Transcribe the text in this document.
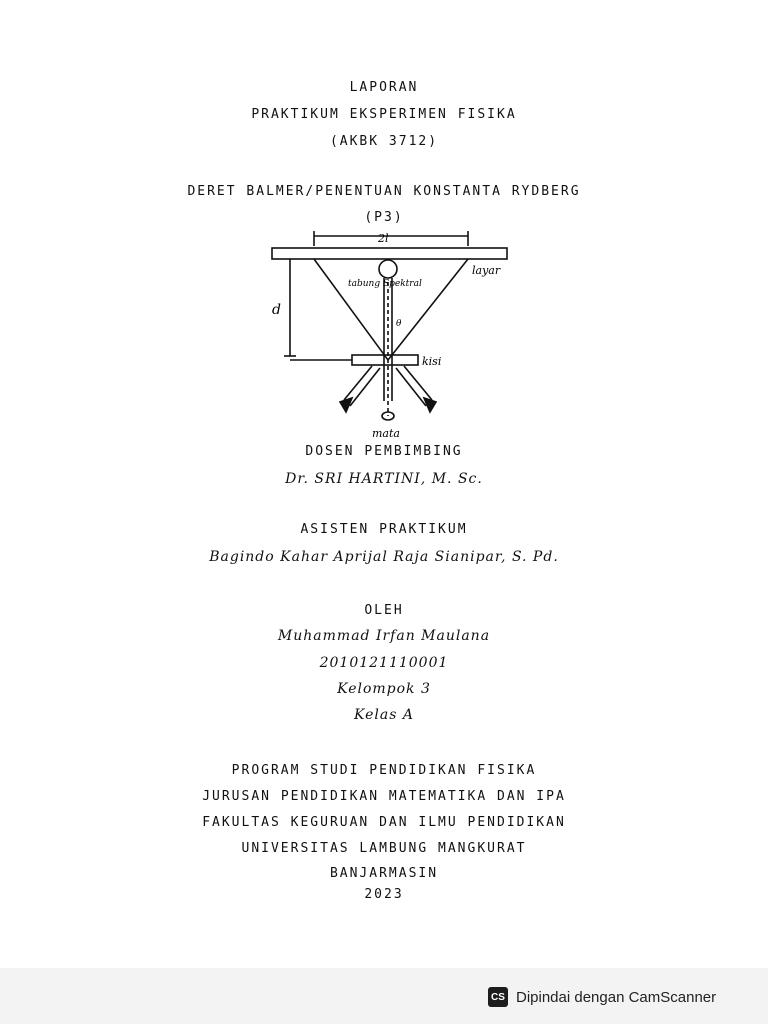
LAPORAN
PRAKTIKUM EKSPERIMEN FISIKA
(AKBK 3712)
DERET BALMER/PENENTUAN KONSTANTA RYDBERG
(P3)
2l
d
layar
tabung Spektral
kisi
θ
mata
DOSEN PEMBIMBING
Dr. SRI HARTINI, M. Sc.
ASISTEN PRAKTIKUM
Bagindo Kahar Aprijal Raja Sianipar, S. Pd.
OLEH
Muhammad Irfan Maulana
2010121110001
Kelompok 3
Kelas A
PROGRAM STUDI PENDIDIKAN FISIKA
JURUSAN PENDIDIKAN MATEMATIKA DAN IPA
FAKULTAS KEGURUAN DAN ILMU PENDIDIKAN
UNIVERSITAS LAMBUNG MANGKURAT
BANJARMASIN
2023
CS Dipindai dengan CamScanner
